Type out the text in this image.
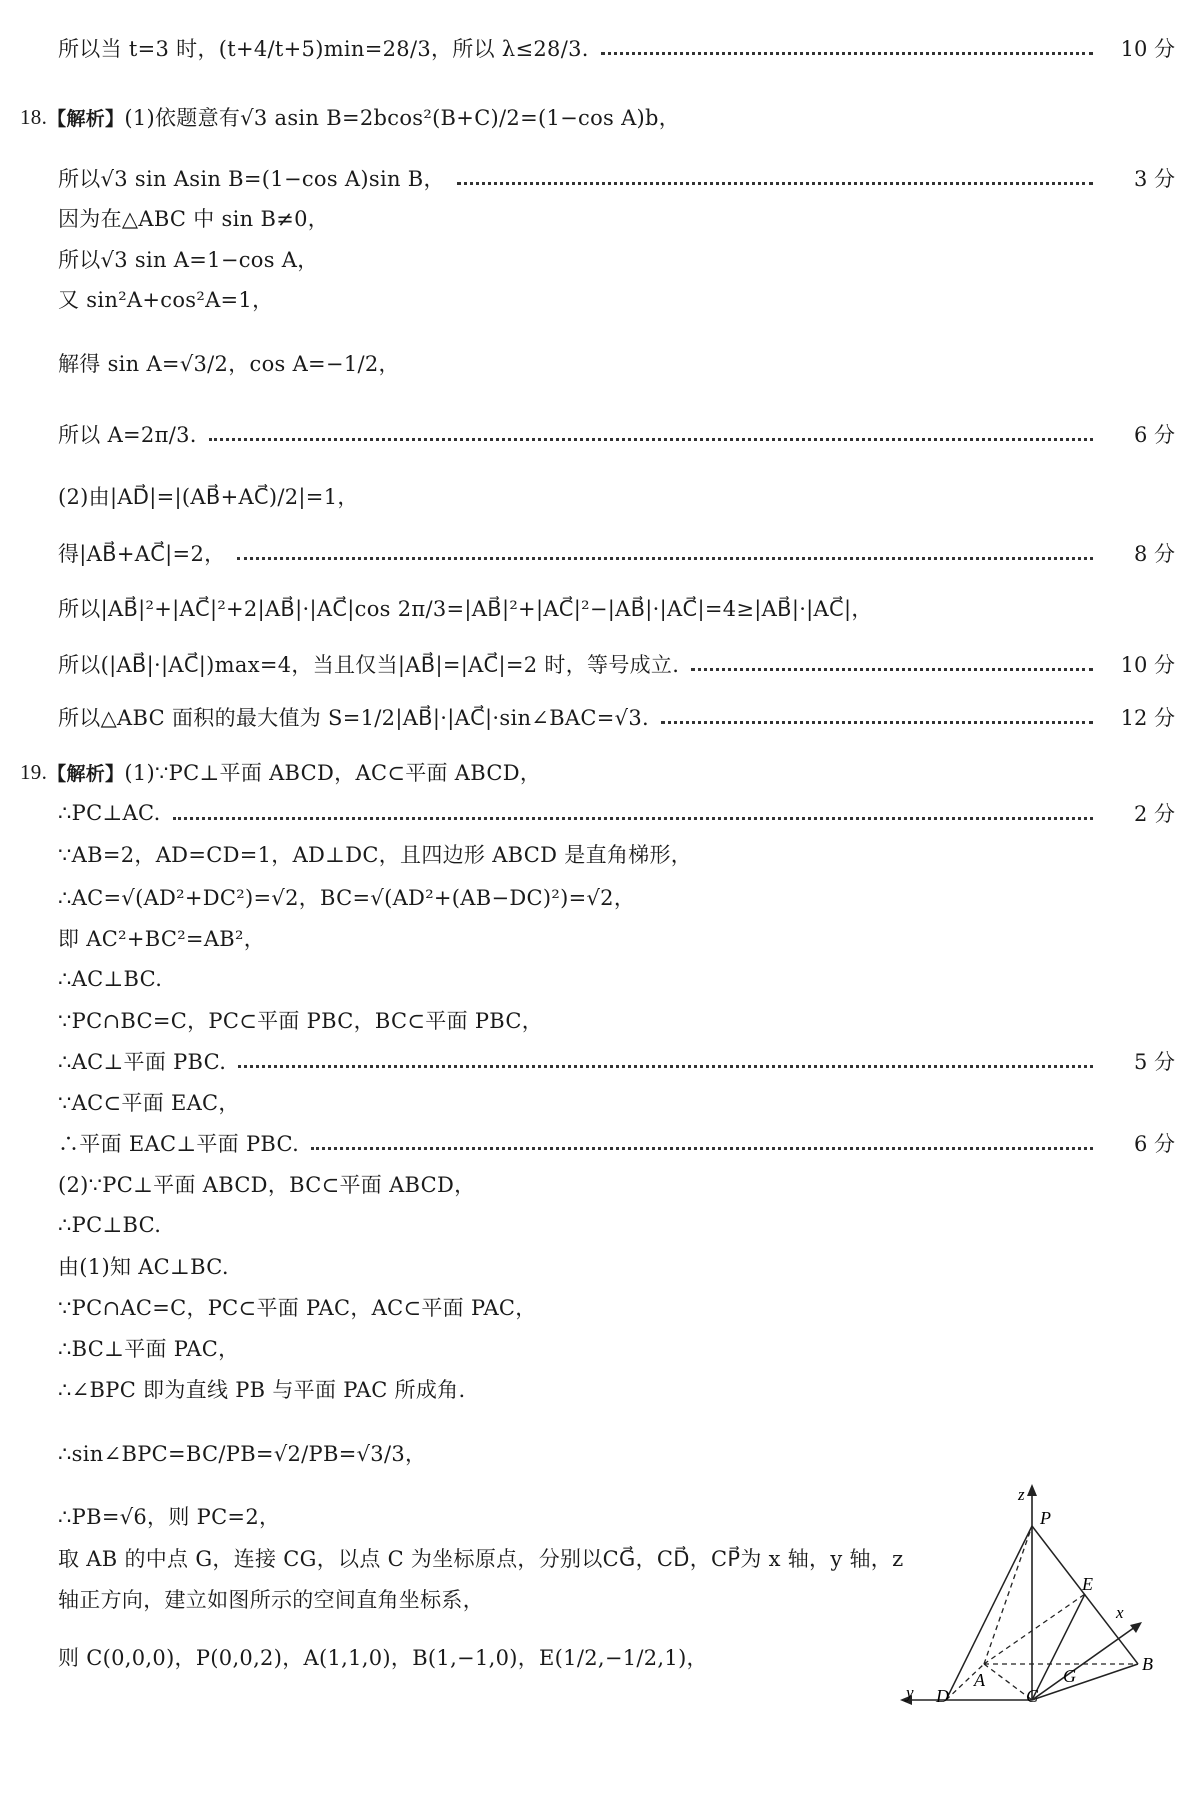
所以当 t=3 时，(t+4/t+5)min=28/3，所以 λ≤28/3.	10 分
18. 【解析】 (1)依题意有√3 asin B=2bcos²(B+C)/2=(1−cos A)b，
所以√3 sin Asin B=(1−cos A)sin B，	3 分
因为在△ABC 中 sin B≠0，
所以√3 sin A=1−cos A，
又 sin²A+cos²A=1，
解得 sin A=√3/2，cos A=−1/2，
所以 A=2π/3.	6 分
(2)由|AD⃗|=|(AB⃗+AC⃗)/2|=1，
得|AB⃗+AC⃗|=2，	8 分
所以|AB⃗|²+|AC⃗|²+2|AB⃗|·|AC⃗|cos 2π/3=|AB⃗|²+|AC⃗|²−|AB⃗|·|AC⃗|=4≥|AB⃗|·|AC⃗|，
所以(|AB⃗|·|AC⃗|)max=4，当且仅当|AB⃗|=|AC⃗|=2 时，等号成立.	10 分
所以△ABC 面积的最大值为 S=1/2|AB⃗|·|AC⃗|·sin∠BAC=√3.	12 分
19. 【解析】 (1)∵PC⊥平面 ABCD，AC⊂平面 ABCD，
∴PC⊥AC.	2 分
∵AB=2，AD=CD=1，AD⊥DC，且四边形 ABCD 是直角梯形，
∴AC=√(AD²+DC²)=√2，BC=√(AD²+(AB−DC)²)=√2，
即 AC²+BC²=AB²，
∴AC⊥BC.
∵PC∩BC=C，PC⊂平面 PBC，BC⊂平面 PBC，
∴AC⊥平面 PBC.	5 分
∵AC⊂平面 EAC，
∴平面 EAC⊥平面 PBC.	6 分
(2)∵PC⊥平面 ABCD，BC⊂平面 ABCD，
∴PC⊥BC.
由(1)知 AC⊥BC.
∵PC∩AC=C，PC⊂平面 PAC，AC⊂平面 PAC，
∴BC⊥平面 PAC，
∴∠BPC 即为直线 PB 与平面 PAC 所成角.
∴sin∠BPC=BC/PB=√2/PB=√3/3，
∴PB=√6，则 PC=2，
取 AB 的中点 G，连接 CG，以点 C 为坐标原点，分别以CG⃗，CD⃗，CP⃗为 x 轴，y 轴，z
轴正方向，建立如图所示的空间直角坐标系，
则 C(0,0,0)，P(0,0,2)，A(1,1,0)，B(1,−1,0)，E(1/2,−1/2,1)，
z
P
E
x
A	G
B
y D	C
